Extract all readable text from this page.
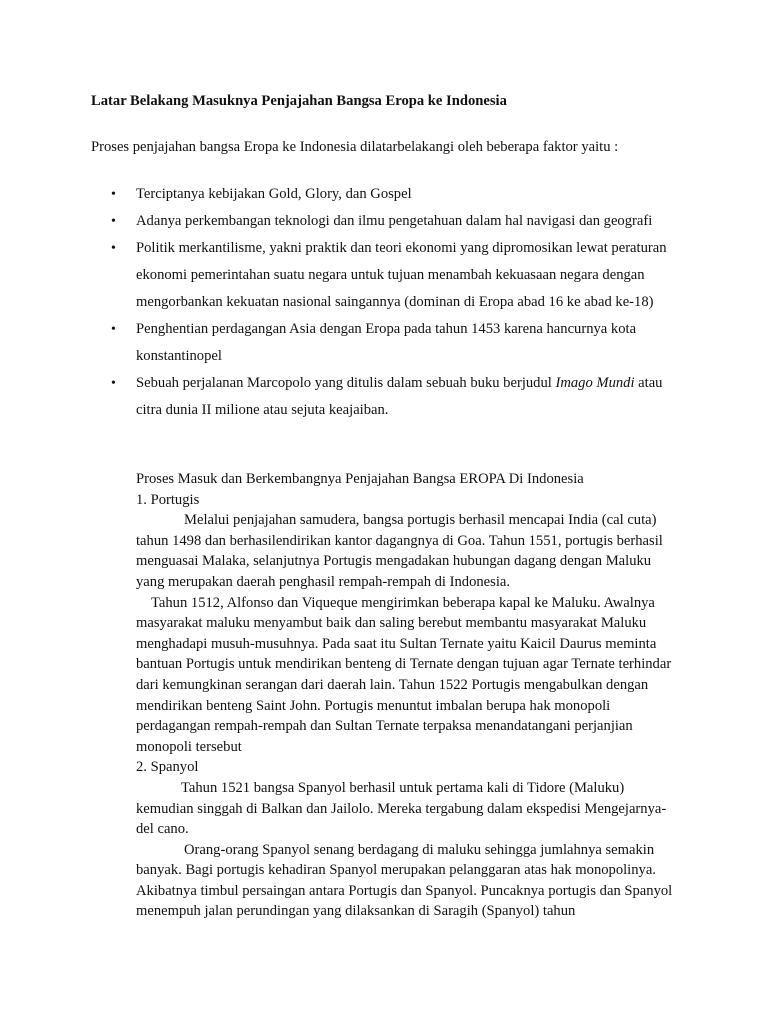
Latar Belakang Masuknya Penjajahan Bangsa Eropa ke Indonesia

Proses penjajahan bangsa Eropa ke Indonesia dilatarbelakangi oleh beberapa faktor yaitu :

• Terciptanya kebijakan Gold, Glory, dan Gospel
• Adanya perkembangan teknologi dan ilmu pengetahuan dalam hal navigasi dan geografi
• Politik merkantilisme, yakni praktik dan teori ekonomi yang dipromosikan lewat peraturan ekonomi pemerintahan suatu negara untuk tujuan menambah kekuasaan negara dengan mengorbankan kekuatan nasional saingannya (dominan di Eropa abad 16 ke abad ke-18)
• Penghentian perdagangan Asia dengan Eropa pada tahun 1453 karena hancurnya kota konstantinopel
• Sebuah perjalanan Marcopolo yang ditulis dalam sebuah buku berjudul Imago Mundi atau citra dunia II milione atau sejuta keajaiban.

Proses Masuk dan Berkembangnya Penjajahan Bangsa EROPA Di Indonesia

1. Portugis

Melalui penjajahan samudera, bangsa portugis berhasil mencapai India (cal cuta) tahun 1498 dan berhasilendirikan kantor dagangnya di Goa. Tahun 1551, portugis berhasil menguasai Malaka, selanjutnya Portugis mengadakan hubungan dagang dengan Maluku yang merupakan daerah penghasil rempah-rempah di Indonesia.

Tahun 1512, Alfonso dan Viqueque mengirimkan beberapa kapal ke Maluku. Awalnya masyarakat maluku menyambut baik dan saling berebut membantu masyarakat Maluku menghadapi musuh-musuhnya. Pada saat itu Sultan Ternate yaitu Kaicil Daurus meminta bantuan Portugis untuk mendirikan benteng di Ternate dengan tujuan agar Ternate terhindar dari kemungkinan serangan dari daerah lain. Tahun 1522 Portugis mengabulkan dengan mendirikan benteng Saint John. Portugis menuntut imbalan berupa hak monopoli perdagangan rempah-rempah dan Sultan Ternate terpaksa menandatangani perjanjian monopoli tersebut

2. Spanyol

Tahun 1521 bangsa Spanyol berhasil untuk pertama kali di Tidore (Maluku) kemudian singgah di Balkan dan Jailolo. Mereka tergabung dalam ekspedisi Mengejarnya-del cano.

Orang-orang Spanyol senang berdagang di maluku sehingga jumlahnya semakin banyak. Bagi portugis kehadiran Spanyol merupakan pelanggaran atas hak monopolinya. Akibatnya timbul persaingan antara Portugis dan Spanyol. Puncaknya portugis dan Spanyol menempuh jalan perundingan yang dilaksankan di Saragih (Spanyol) tahun
